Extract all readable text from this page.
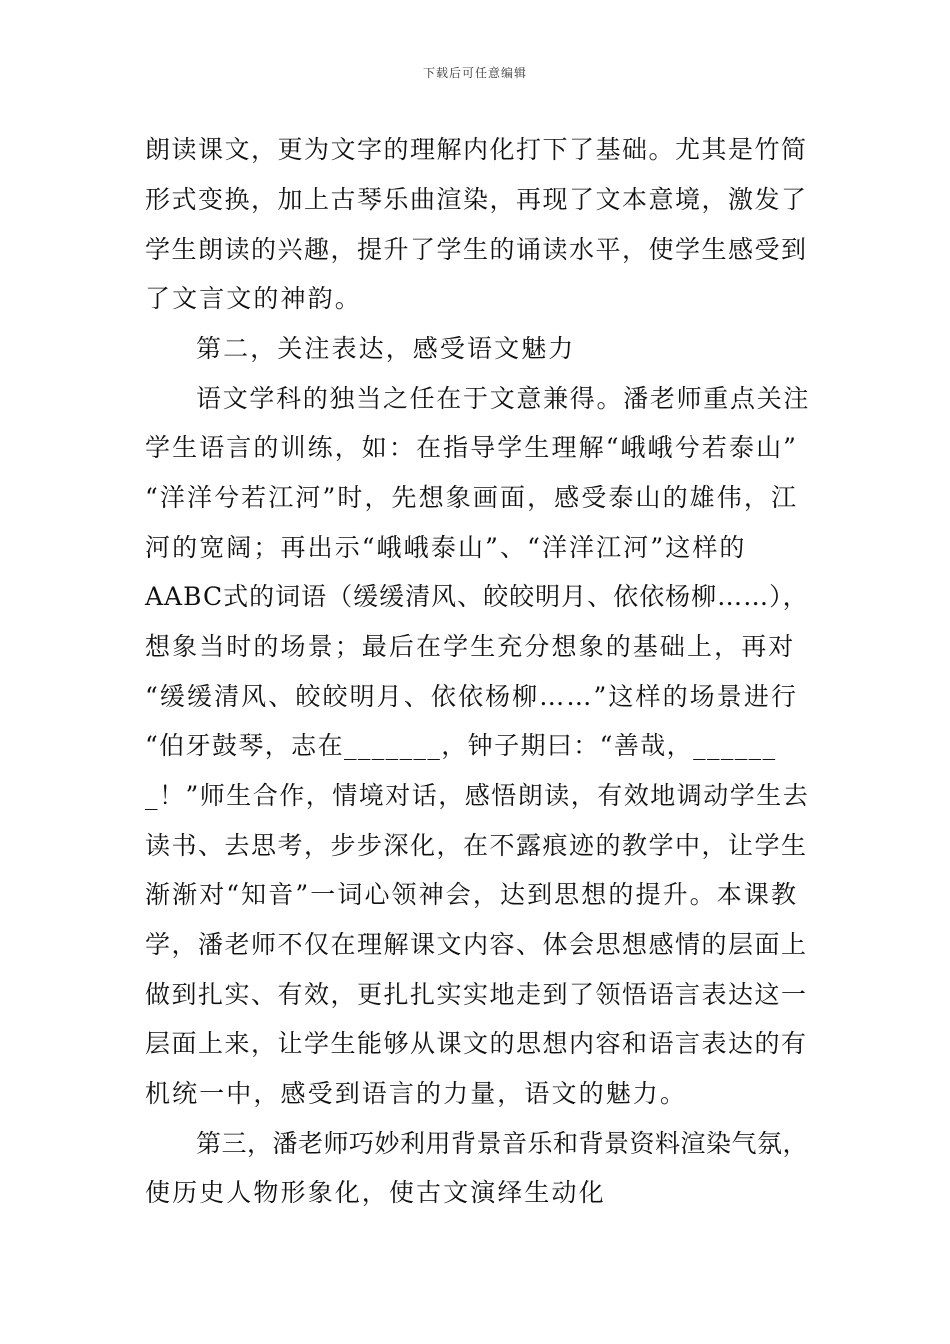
下载后可任意编辑
朗读课文，更为文字的理解内化打下了基础。尤其是竹简
形式变换，加上古琴乐曲渲染，再现了文本意境，激发了
学生朗读的兴趣，提升了学生的诵读水平，使学生感受到
了文言文的神韵。
第二，关注表达，感受语文魅力
语文学科的独当之任在于文意兼得。潘老师重点关注
学生语言的训练，如：在指导学生理解“峨峨兮若泰山”
“洋洋兮若江河”时，先想象画面，感受泰山的雄伟，江
河的宽阔；再出示“峨峨泰山”、“洋洋江河”这样的
AABC式的词语（缓缓清风、皎皎明月、依依杨柳……），
想象当时的场景；最后在学生充分想象的基础上，再对
“缓缓清风、皎皎明月、依依杨柳……”这样的场景进行
“伯牙鼓琴，志在_______，钟子期曰：“善哉，______
_！”师生合作，情境对话，感悟朗读，有效地调动学生去
读书、去思考，步步深化，在不露痕迹的教学中，让学生
渐渐对“知音”一词心领神会，达到思想的提升。本课教
学，潘老师不仅在理解课文内容、体会思想感情的层面上
做到扎实、有效，更扎扎实实地走到了领悟语言表达这一
层面上来，让学生能够从课文的思想内容和语言表达的有
机统一中，感受到语言的力量，语文的魅力。
第三，潘老师巧妙利用背景音乐和背景资料渲染气氛，
使历史人物形象化，使古文演绎生动化
